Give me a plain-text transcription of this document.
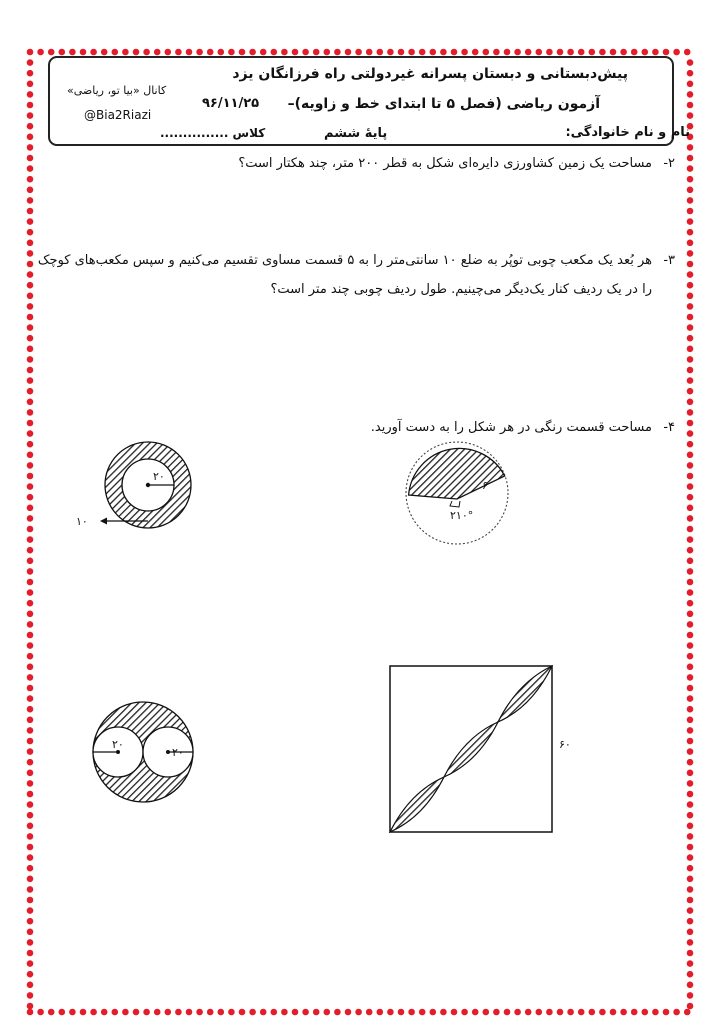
پیش‌دبستانی و دبستان پسرانه غیردولتی راه فرزانگان یزد
آزمون ریاضی (فصل ۵ تا ابتدای خط و زاویه)–
۹۶/۱۱/۲۵
کانال «بیا تو، ریاضی»
@Bia2Riazi
نام و نام خانوادگی:
پایهٔ ششم
کلاس ...............
۲-
مساحت یک زمین کشاورزی دایره‌ای شکل به قطر ۲۰۰ متر، چند هکتار است؟
۳-
هر بُعد یک مکعب چوبی توپُر به ضلع ۱۰ سانتی‌متر را به ۵ قسمت مساوی تقسیم می‌کنیم و سپس مکعب‌های کوچک
را در یک ردیف کنار یک‌دیگر می‌چینیم. طول ردیف چوبی چند متر است؟
۴-
مساحت قسمت رنگی در هر شکل را به دست آورید.
۲۰
۱۰
۶
۲۱۰°
۲۰
۲۰
۶۰
